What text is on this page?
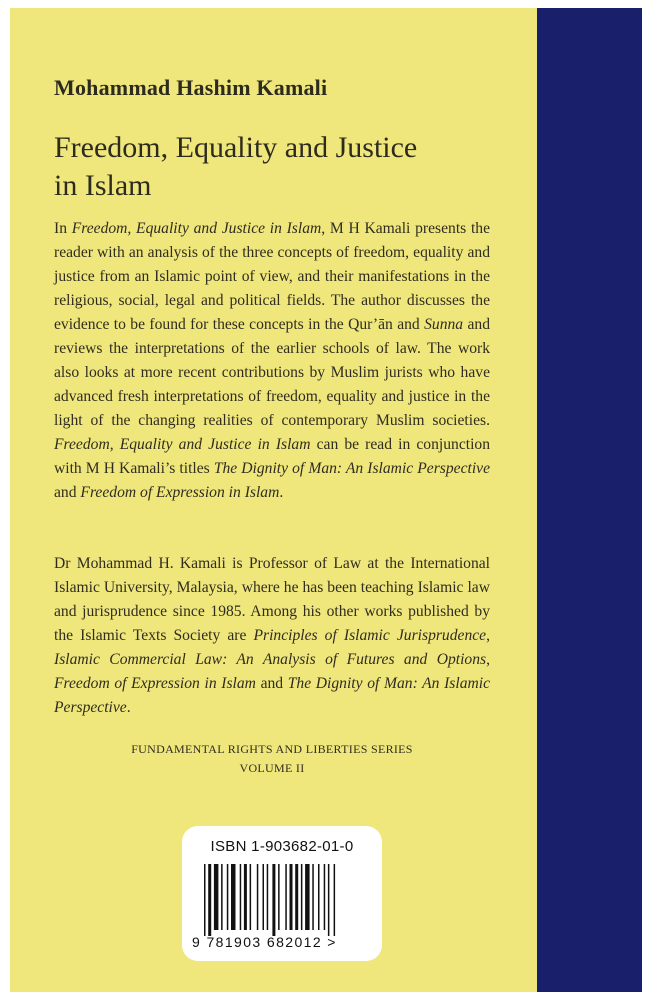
Mohammad Hashim Kamali
Freedom, Equality and Justice
in Islam

In Freedom, Equality and Justice in Islam, M H Kamali presents the reader with an analysis of the three concepts of freedom, equality and justice from an Islamic point of view, and their manifestations in the religious, social, legal and political fields. The author discusses the evidence to be found for these concepts in the Qur’ān and Sunna and reviews the interpretations of the earlier schools of law. The work also looks at more recent contributions by Muslim jurists who have advanced fresh interpretations of freedom, equality and justice in the light of the changing realities of contemporary Muslim societies. Freedom, Equality and Justice in Islam can be read in conjunction with M H Kamali’s titles The Dignity of Man: An Islamic Perspective and Freedom of Expression in Islam.

Dr Mohammad H. Kamali is Professor of Law at the International Islamic University, Malaysia, where he has been teaching Islamic law and jurisprudence since 1985. Among his other works published by the Islamic Texts Society are Principles of Islamic Jurisprudence, Islamic Commercial Law: An Analysis of Futures and Options, Freedom of Expression in Islam and The Dignity of Man: An Islamic Perspective.

FUNDAMENTAL RIGHTS AND LIBERTIES SERIES
VOLUME II
ISBN 1-903682-01-0
9 781903 682012 >
